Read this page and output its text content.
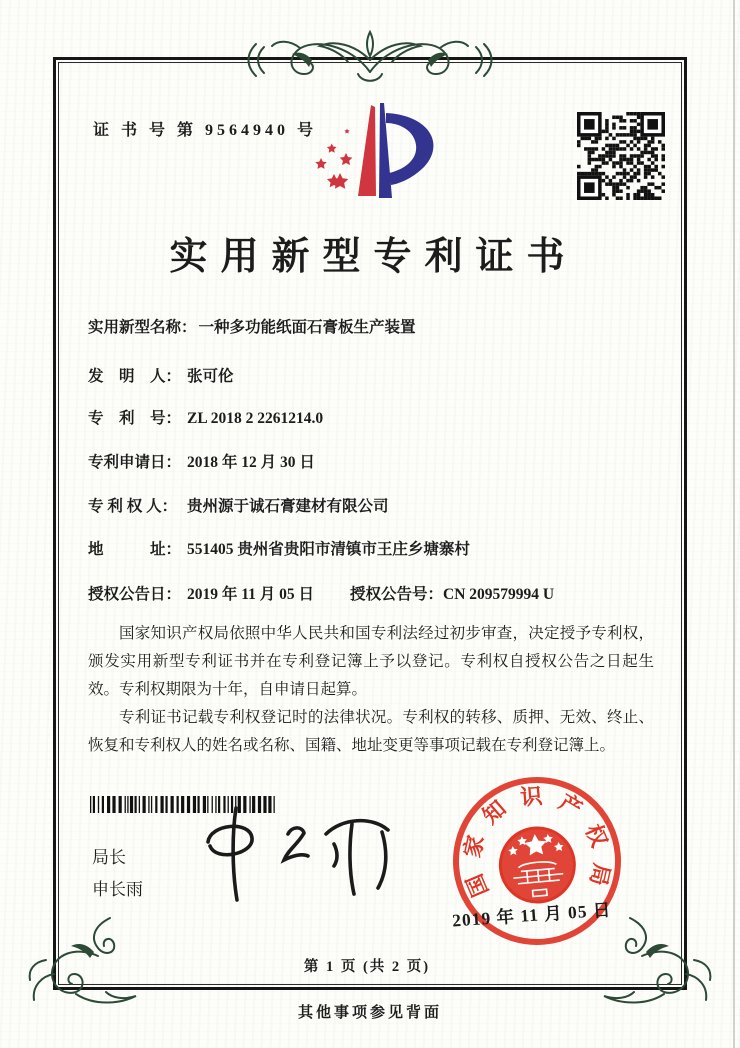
证 书 号 第 9564940 号
实用新型专利证书
实用新型名称： 一种多功能纸面石膏板生产装置
发　明　人： 张可伦
专　利　号： ZL 2018 2 2261214.0
专利申请日： 2018 年 12 月 30 日
专 利 权 人： 贵州源于诚石膏建材有限公司
地　　　址： 551405 贵州省贵阳市清镇市王庄乡塘寨村
授权公告日： 2019 年 11 月 05 日 授权公告号：CN 209579994 U

国家知识产权局依照中华人民共和国专利法经过初步审查，决定授予专利权，颁发实用新型专利证书并在专利登记簿上予以登记。专利权自授权公告之日起生效。专利权期限为十年，自申请日起算。

专利证书记载专利权登记时的法律状况。专利权的转移、质押、无效、终止、恢复和专利权人的姓名或名称、国籍、地址变更等事项记载在专利登记簿上。

局长
申长雨	国
家
知 识 产
权
局
2019 年 11 月 05 日
第 1 页 (共 2 页)
其他事项参见背面
